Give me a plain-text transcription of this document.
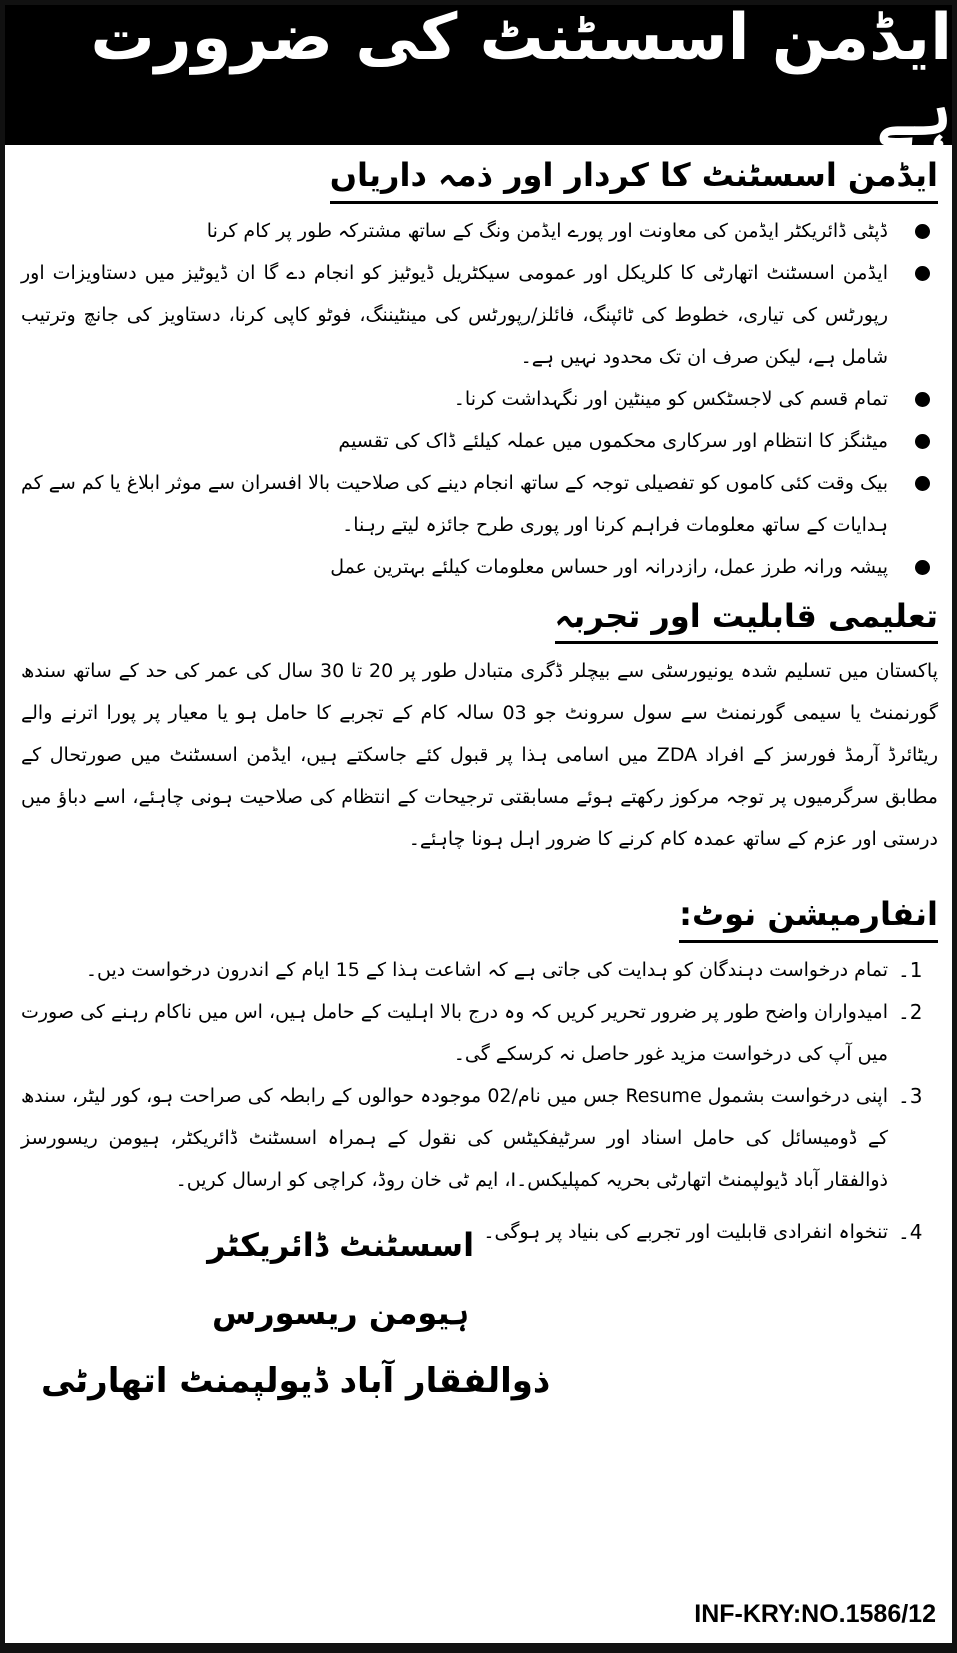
ایڈمن اسسٹنٹ کی ضرورت ہے
ایڈمن اسسٹنٹ کا کردار اور ذمہ داریاں
ڈپٹی ڈائریکٹر ایڈمن کی معاونت اور پورے ایڈمن ونگ کے ساتھ مشترکہ طور پر کام کرنا
ایڈمن اسسٹنٹ اتھارٹی کا کلریکل اور عمومی سیکٹریل ڈیوٹیز کو انجام دے گا ان ڈیوٹیز میں دستاویزات اور رپورٹس کی تیاری، خطوط کی ٹائپنگ، فائلز/رپورٹس کی مینٹیننگ، فوٹو کاپی کرنا، دستاویز کی جانچ وترتیب شامل ہے، لیکن صرف ان تک محدود نہیں ہے۔
تمام قسم کی لاجسٹکس کو مینٹین اور نگہداشت کرنا۔
میٹنگز کا انتظام اور سرکاری محکموں میں عملہ کیلئے ڈاک کی تقسیم
بیک وقت کئی کاموں کو تفصیلی توجہ کے ساتھ انجام دینے کی صلاحیت بالا افسران سے موثر ابلاغ یا کم سے کم ہدایات کے ساتھ معلومات فراہم کرنا اور پوری طرح جائزہ لیتے رہنا۔
پیشہ ورانہ طرز عمل، رازدرانہ اور حساس معلومات کیلئے بہترین عمل
تعلیمی قابلیت اور تجربہ

پاکستان میں تسلیم شدہ یونیورسٹی سے بیچلر ڈگری متبادل طور پر 20 تا 30 سال کی عمر کی حد کے ساتھ سندھ گورنمنٹ یا سیمی گورنمنٹ سے سول سرونٹ جو 03 سالہ کام کے تجربے کا حامل ہو یا معیار پر پورا اترنے والے ریٹائرڈ آرمڈ فورسز کے افراد ZDA میں اسامی ہذا پر قبول کئے جاسکتے ہیں، ایڈمن اسسٹنٹ میں صورتحال کے مطابق سرگرمیوں پر توجہ مرکوز رکھتے ہوئے مسابقتی ترجیحات کے انتظام کی صلاحیت ہونی چاہئے، اسے دباؤ میں درستی اور عزم کے ساتھ عمدہ کام کرنے کا ضرور اہل ہونا چاہئے۔

انفارمیشن نوٹ:
1۔
تمام درخواست دہندگان کو ہدایت کی جاتی ہے کہ اشاعت ہذا کے 15 ایام کے اندرون درخواست دیں۔
2۔
امیدواران واضح طور پر ضرور تحریر کریں کہ وہ درج بالا اہلیت کے حامل ہیں، اس میں ناکام رہنے کی صورت میں آپ کی درخواست مزید غور حاصل نہ کرسکے گی۔
3۔
اپنی درخواست بشمول Resume جس میں نام/02 موجودہ حوالوں کے رابطہ کی صراحت ہو، کور لیٹر، سندھ کے ڈومیسائل کی حامل اسناد اور سرٹیفکیٹس کی نقول کے ہمراہ اسسٹنٹ ڈائریکٹر، ہیومن ریسورسز ذوالفقار آباد ڈیولپمنٹ اتھارٹی بحریہ کمپلیکس۔I، ایم ٹی خان روڈ، کراچی کو ارسال کریں۔
4۔
تنخواہ انفرادی قابلیت اور تجربے کی بنیاد پر ہوگی۔
اسسٹنٹ ڈائریکٹر
ہیومن ریسورس
ذوالفقار آباد ڈیولپمنٹ اتھارٹی
INF-KRY:NO.1586/12
